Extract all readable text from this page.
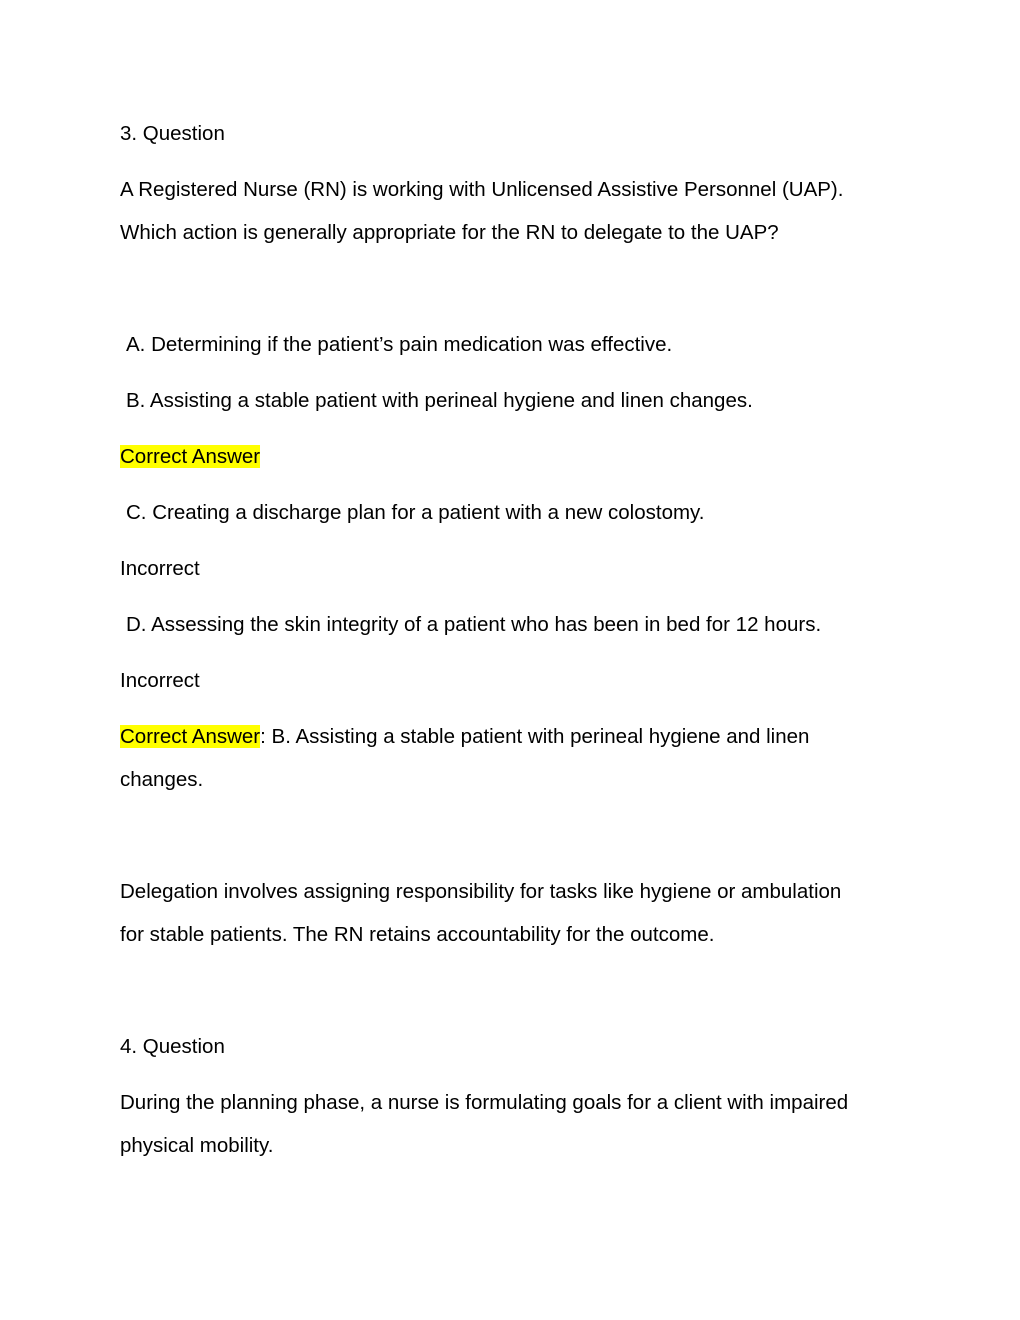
3. Question

A Registered Nurse (RN) is working with Unlicensed Assistive Personnel (UAP).

Which action is generally appropriate for the RN to delegate to the UAP?

A. Determining if the patient’s pain medication was effective.

B. Assisting a stable patient with perineal hygiene and linen changes.

Correct Answer

C. Creating a discharge plan for a patient with a new colostomy.

Incorrect

D. Assessing the skin integrity of a patient who has been in bed for 12 hours.

Incorrect

Correct Answer: B. Assisting a stable patient with perineal hygiene and linen

changes.

Delegation involves assigning responsibility for tasks like hygiene or ambulation

for stable patients. The RN retains accountability for the outcome.

4. Question

During the planning phase, a nurse is formulating goals for a client with impaired

physical mobility.
